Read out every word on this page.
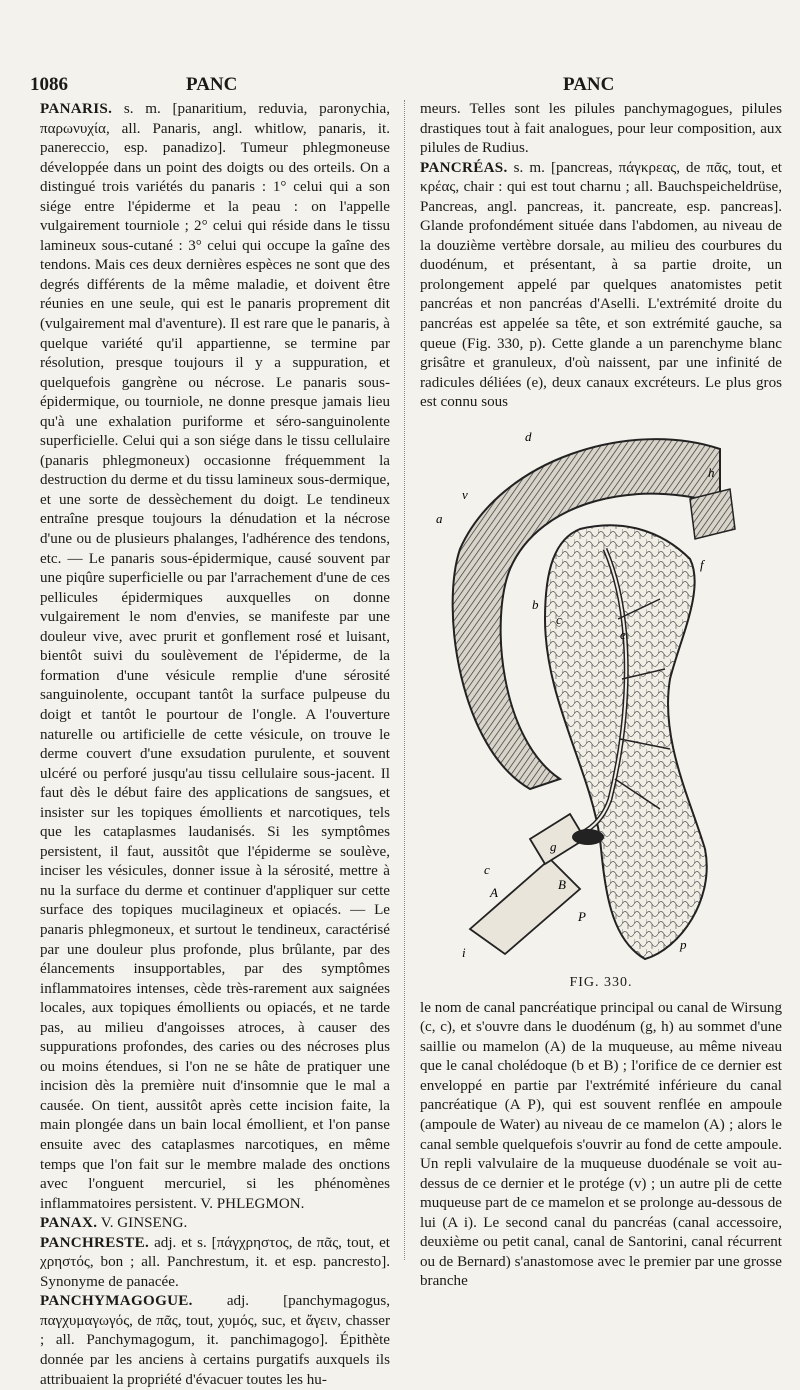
1086	PANC	PANC

PANARIS. s. m. [panaritium, reduvia, paronychia, παρωνυχία, all. Panaris, angl. whitlow, panaris, it. panereccio, esp. panadizo]. Tumeur phlegmoneuse développée dans un point des doigts ou des orteils. On a distingué trois variétés du panaris : 1° celui qui a son siége entre l'épiderme et la peau : on l'appelle vulgairement tourniole ; 2° celui qui réside dans le tissu lamineux sous-cutané : 3° celui qui occupe la gaîne des tendons. Mais ces deux dernières espèces ne sont que des degrés différents de la même maladie, et doivent être réunies en une seule, qui est le panaris proprement dit (vulgairement mal d'aventure). Il est rare que le panaris, à quelque variété qu'il appartienne, se termine par résolution, presque toujours il y a suppuration, et quelquefois gangrène ou nécrose. Le panaris sous-épidermique, ou tourniole, ne donne presque jamais lieu qu'à une exhalation puriforme et séro-sanguinolente superficielle. Celui qui a son siége dans le tissu cellulaire (panaris phlegmoneux) occasionne fréquemment la destruction du derme et du tissu lamineux sous-dermique, et une sorte de dessèchement du doigt. Le tendineux entraîne presque toujours la dénudation et la nécrose d'une ou de plusieurs phalanges, l'adhérence des tendons, etc. — Le panaris sous-épidermique, causé souvent par une piqûre superficielle ou par l'arrachement d'une de ces pellicules épidermiques auxquelles on donne vulgairement le nom d'envies, se manifeste par une douleur vive, avec prurit et gonflement rosé et luisant, bientôt suivi du soulèvement de l'épiderme, de la formation d'une vésicule remplie d'une sérosité sanguinolente, occupant tantôt la surface pulpeuse du doigt et tantôt le pourtour de l'ongle. A l'ouverture naturelle ou artificielle de cette vésicule, on trouve le derme couvert d'une exsudation purulente, et souvent ulcéré ou perforé jusqu'au tissu cellulaire sous-jacent. Il faut dès le début faire des applications de sangsues, et insister sur les topiques émollients et narcotiques, tels que les cataplasmes laudanisés. Si les symptômes persistent, il faut, aussitôt que l'épiderme se soulève, inciser les vésicules, donner issue à la sérosité, mettre à nu la surface du derme et continuer d'appliquer sur cette surface des topiques mucilagineux et opiacés. — Le panaris phlegmoneux, et surtout le tendineux, caractérisé par une douleur plus profonde, plus brûlante, par des élancements insupportables, par des symptômes inflammatoires intenses, cède très-rarement aux saignées locales, aux topiques émollients ou opiacés, et ne tarde pas, au milieu d'angoisses atroces, à causer des suppurations profondes, des caries ou des nécroses plus ou moins étendues, si l'on ne se hâte de pratiquer une incision dès la première nuit d'insomnie que le mal a causée. On tient, aussitôt après cette incision faite, la main plongée dans un bain local émollient, et l'on panse ensuite avec des cataplasmes narcotiques, en même temps que l'on fait sur le membre malade des onctions avec l'onguent mercuriel, si les phénomènes inflammatoires persistent. V. PHLEGMON.

PANAX. V. GINSENG.

PANCHRESTE. adj. et s. [πάγχρηστος, de πᾶς, tout, et χρηστός, bon ; all. Panchrestum, it. et esp. pancresto]. Synonyme de panacée.

PANCHYMAGOGUE. adj. [panchymagogus, παγχυμαγωγός, de πᾶς, tout, χυμός, suc, et ἄγειν, chasser ; all. Panchymagogum, it. panchimagogo]. Épithète donnée par les anciens à certains purgatifs auxquels ils attribuaient la propriété d'évacuer toutes les hu-

meurs. Telles sont les pilules panchymagogues, pilules drastiques tout à fait analogues, pour leur composition, aux pilules de Rudius.

PANCRÉAS. s. m. [pancreas, πάγκρεας, de πᾶς, tout, et κρέας, chair : qui est tout charnu ; all. Bauchspeicheldrüse, Pancreas, angl. pancreas, it. pancreate, esp. pancreas]. Glande profondément située dans l'abdomen, au niveau de la douzième vertèbre dorsale, au milieu des courbures du duodénum, et présentant, à sa partie droite, un prolongement appelé par quelques anatomistes petit pancréas et non pancréas d'Aselli. L'extrémité droite du pancréas est appelée sa tête, et son extrémité gauche, sa queue (Fig. 330, p). Cette glande a un parenchyme blanc grisâtre et granuleux, d'où naissent, par une infinité de radicules déliées (e), deux canaux excréteurs. Le plus gros est connu sous

d
h
v
a
f
b
c
e
g
B
A
P
c
p
i
FIG. 330.

le nom de canal pancréatique principal ou canal de Wirsung (c, c), et s'ouvre dans le duodénum (g, h) au sommet d'une saillie ou mamelon (A) de la muqueuse, au même niveau que le canal cholédoque (b et B) ; l'orifice de ce dernier est enveloppé en partie par l'extrémité inférieure du canal pancréatique (A P), qui est souvent renflée en ampoule (ampoule de Water) au niveau de ce mamelon (A) ; alors le canal semble quelquefois s'ouvrir au fond de cette ampoule. Un repli valvulaire de la muqueuse duodénale se voit au-dessus de ce dernier et le protége (v) ; un autre pli de cette muqueuse part de ce mamelon et se prolonge au-dessous de lui (A i). Le second canal du pancréas (canal accessoire, deuxième ou petit canal, canal de Santorini, canal récurrent ou de Bernard) s'anastomose avec le premier par une grosse branche
